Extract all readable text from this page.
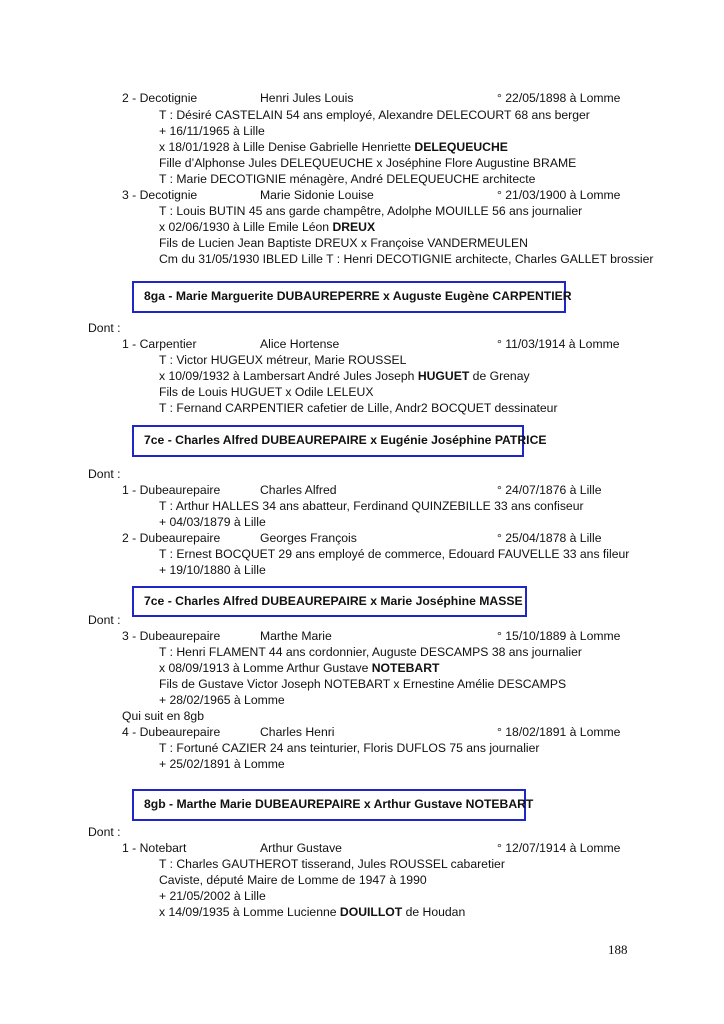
2 - Decotignie	Henri Jules Louis	° 22/05/1898 à Lomme
T : Désiré CASTELAIN 54 ans employé, Alexandre DELECOURT 68 ans berger
+ 16/11/1965 à Lille
x 18/01/1928 à Lille Denise Gabrielle Henriette DELEQUEUCHE
Fille d’Alphonse Jules DELEQUEUCHE x Joséphine Flore Augustine BRAME
T : Marie DECOTIGNIE ménagère, André DELEQUEUCHE architecte
3 - Decotignie	Marie Sidonie Louise	° 21/03/1900 à Lomme
T : Louis BUTIN 45 ans garde champêtre, Adolphe MOUILLE 56 ans journalier
x 02/06/1930 à Lille Emile Léon DREUX
Fils de Lucien Jean Baptiste DREUX x Françoise VANDERMEULEN
Cm du 31/05/1930 IBLED Lille T : Henri DECOTIGNIE architecte, Charles GALLET brossier
8ga - Marie Marguerite DUBAUREPERRE x Auguste Eugène CARPENTIER
Dont :
1 - Carpentier	Alice Hortense	° 11/03/1914 à Lomme
T : Victor HUGEUX métreur, Marie ROUSSEL
x 10/09/1932 à Lambersart André Jules Joseph HUGUET de Grenay
Fils de Louis HUGUET x Odile LELEUX
T : Fernand CARPENTIER cafetier de Lille, Andr2 BOCQUET dessinateur
7ce - Charles Alfred DUBEAUREPAIRE x Eugénie Joséphine PATRICE
Dont :
1 - Dubeaurepaire	Charles Alfred	° 24/07/1876 à Lille
T : Arthur HALLES 34 ans abatteur, Ferdinand QUINZEBILLE 33 ans confiseur
+ 04/03/1879 à Lille
2 - Dubeaurepaire	Georges François	° 25/04/1878 à Lille
T : Ernest BOCQUET 29 ans employé de commerce, Edouard FAUVELLE 33 ans fileur
+ 19/10/1880 à Lille
7ce - Charles Alfred DUBEAUREPAIRE x Marie Joséphine MASSE
Dont :
3 - Dubeaurepaire	Marthe Marie	° 15/10/1889 à Lomme
T : Henri FLAMENT 44 ans cordonnier, Auguste DESCAMPS 38 ans journalier
x 08/09/1913 à Lomme Arthur Gustave NOTEBART
Fils de Gustave Victor Joseph NOTEBART x Ernestine Amélie DESCAMPS
+ 28/02/1965 à Lomme
Qui suit en 8gb
4 - Dubeaurepaire	Charles Henri	° 18/02/1891 à Lomme
T : Fortuné CAZIER 24 ans teinturier, Floris DUFLOS 75 ans journalier
+ 25/02/1891 à Lomme
8gb - Marthe Marie DUBEAUREPAIRE x Arthur Gustave NOTEBART
Dont :
1 - Notebart	Arthur Gustave	° 12/07/1914 à Lomme
T : Charles GAUTHEROT tisserand, Jules ROUSSEL cabaretier
Caviste, député Maire de Lomme de 1947 à 1990
+ 21/05/2002 à Lille
x 14/09/1935 à Lomme Lucienne DOUILLOT de Houdan
188
